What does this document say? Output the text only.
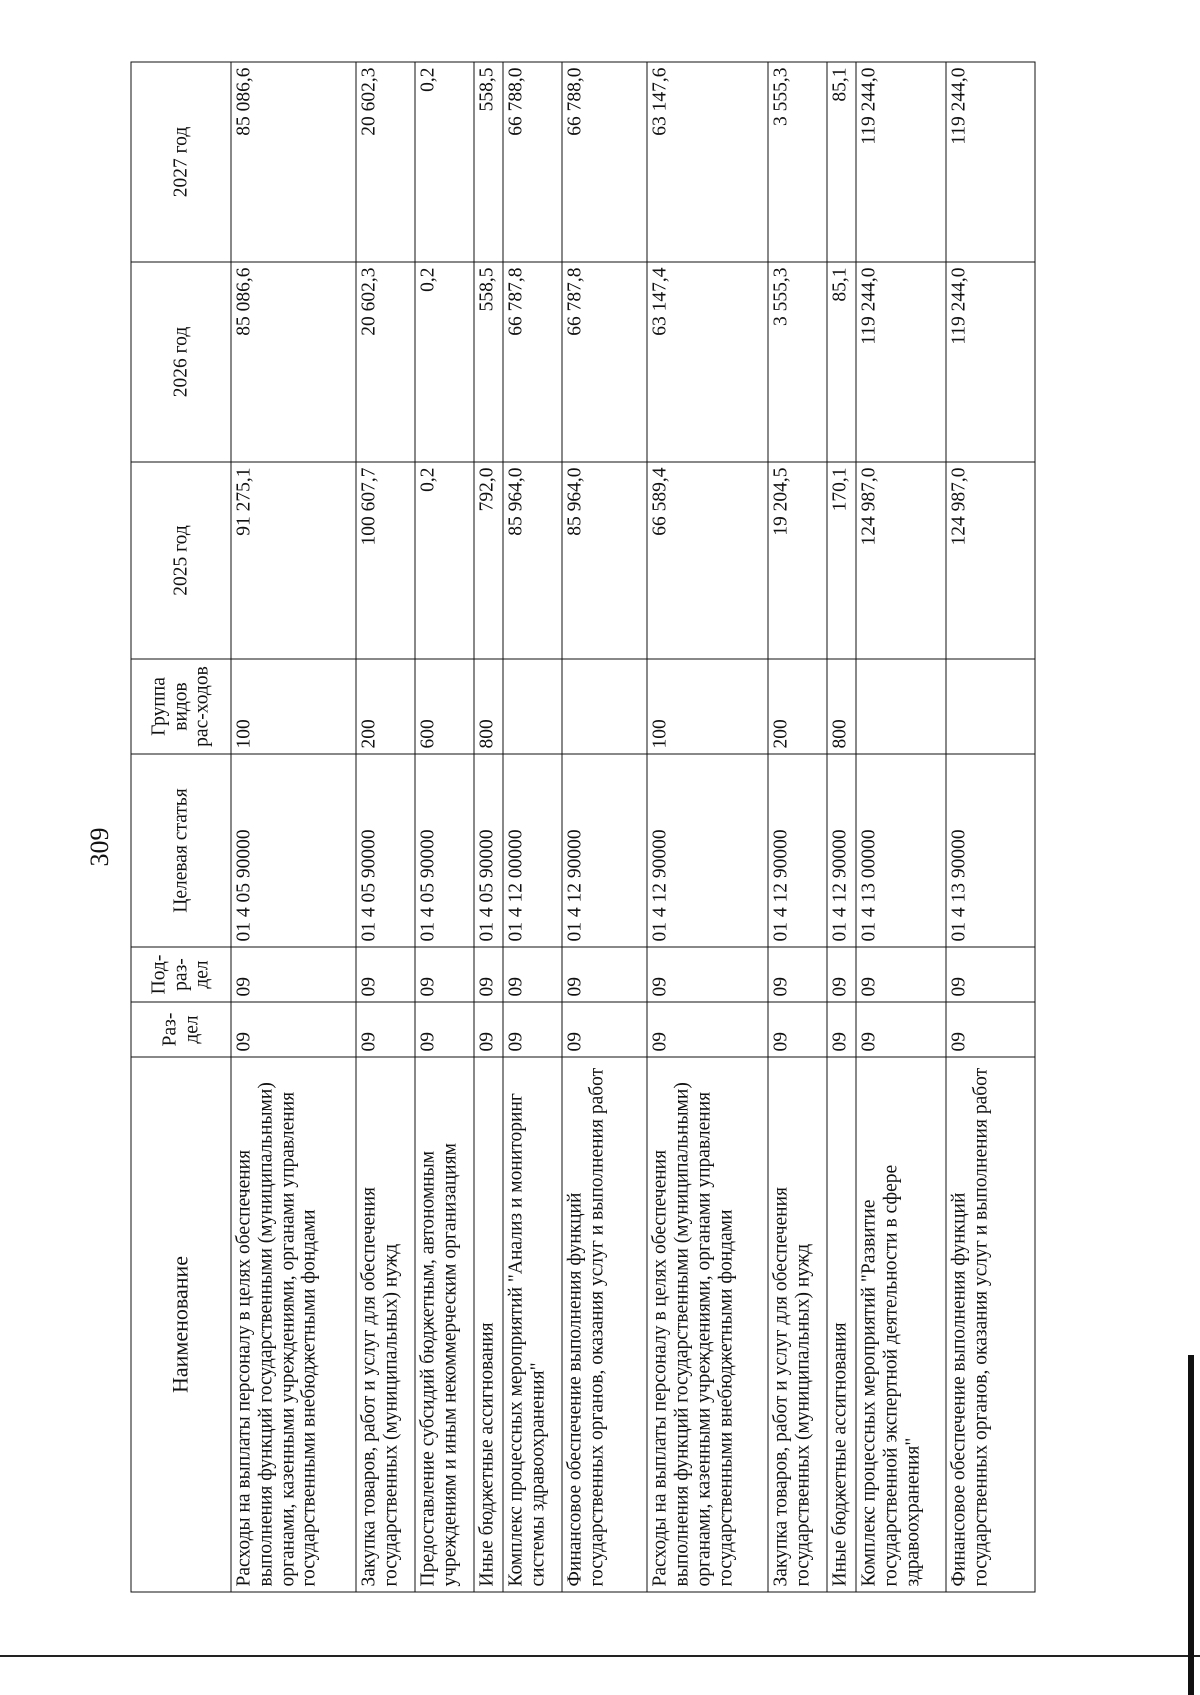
309
Наименование	Раз-дел	Под-раз-дел	Целевая статья	Группа видов рас-ходов	2025 год	2026 год	2027 год
Расходы на выплаты персоналу в целях обеспечения выполнения функций государственными (муниципальными) органами, казенными учреждениями, органами управления государственными внебюджетными фондами	09	09	01 4 05 90000	100	91 275,1	85 086,6	85 086,6
Закупка товаров, работ и услуг для обеспечения государственных (муниципальных) нужд	09	09	01 4 05 90000	200	100 607,7	20 602,3	20 602,3
Предоставление субсидий бюджетным, автономным учреждениям и иным некоммерческим организациям	09	09	01 4 05 90000	600	0,2	0,2	0,2
Иные бюджетные ассигнования	09	09	01 4 05 90000	800	792,0	558,5	558,5
Комплекс процессных мероприятий "Анализ и мониторинг системы здравоохранения"	09	09	01 4 12 00000		85 964,0	66 787,8	66 788,0
Финансовое обеспечение выполнения функций государственных органов, оказания услуг и выполнения работ	09	09	01 4 12 90000		85 964,0	66 787,8	66 788,0
Расходы на выплаты персоналу в целях обеспечения выполнения функций государственными (муниципальными) органами, казенными учреждениями, органами управления государственными внебюджетными фондами	09	09	01 4 12 90000	100	66 589,4	63 147,4	63 147,6
Закупка товаров, работ и услуг для обеспечения государственных (муниципальных) нужд	09	09	01 4 12 90000	200	19 204,5	3 555,3	3 555,3
Иные бюджетные ассигнования	09	09	01 4 12 90000	800	170,1	85,1	85,1
Комплекс процессных мероприятий "Развитие государственной экспертной деятельности в сфере здравоохранения"	09	09	01 4 13 00000		124 987,0	119 244,0	119 244,0
Финансовое обеспечение выполнения функций государственных органов, оказания услуг и выполнения работ	09	09	01 4 13 90000		124 987,0	119 244,0	119 244,0
